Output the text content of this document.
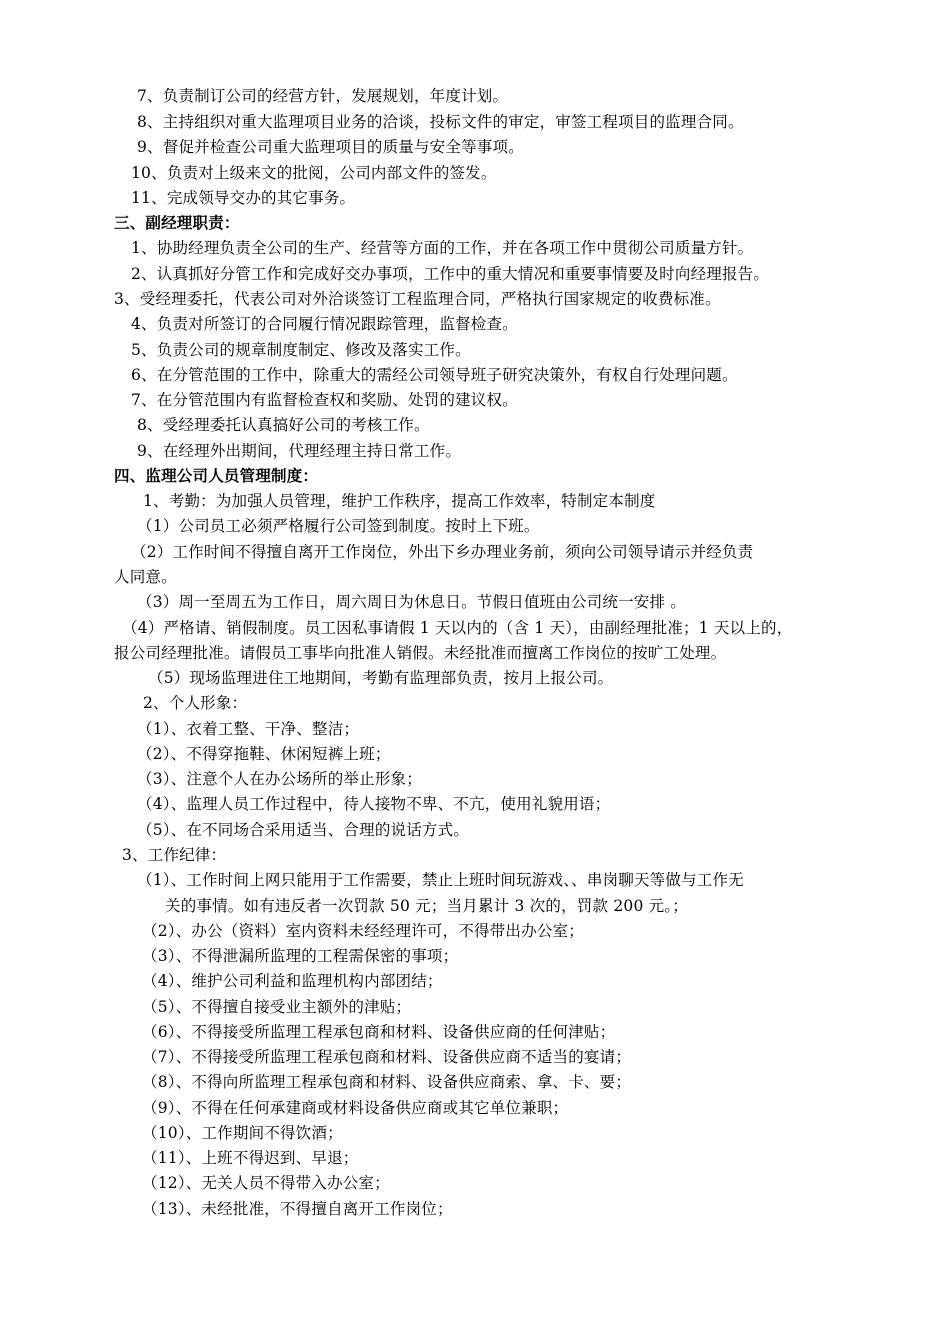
7、负责制订公司的经营方针，发展规划，年度计划。
8、主持组织对重大监理项目业务的洽谈，投标文件的审定，审签工程项目的监理合同。
9、督促并检查公司重大监理项目的质量与安全等事项。
10、负责对上级来文的批阅，公司内部文件的签发。
11、完成领导交办的其它事务。
三、副经理职责：
1、协助经理负责全公司的生产、经营等方面的工作，并在各项工作中贯彻公司质量方针。
2、认真抓好分管工作和完成好交办事项，工作中的重大情况和重要事情要及时向经理报告。
3、受经理委托，代表公司对外洽谈签订工程监理合同，严格执行国家规定的收费标准。
4、负责对所签订的合同履行情况跟踪管理，监督检查。
5、负责公司的规章制度制定、修改及落实工作。
6、在分管范围的工作中，除重大的需经公司领导班子研究决策外，有权自行处理问题。
7、在分管范围内有监督检查权和奖励、处罚的建议权。
8、受经理委托认真搞好公司的考核工作。
9、在经理外出期间，代理经理主持日常工作。
四、监理公司人员管理制度：
1、考勤：为加强人员管理，维护工作秩序，提高工作效率，特制定本制度
（1）公司员工必须严格履行公司签到制度。按时上下班。
（2）工作时间不得擅自离开工作岗位，外出下乡办理业务前，须向公司领导请示并经负责
人同意。
（3）周一至周五为工作日，周六周日为休息日。节假日值班由公司统一安排 。
（4）严格请、销假制度。员工因私事请假 1 天以内的（含 1 天），由副经理批准；1 天以上的，
报公司经理批准。请假员工事毕向批准人销假。未经批准而擅离工作岗位的按旷工处理。
（5）现场监理进住工地期间，考勤有监理部负责，按月上报公司。
2、个人形象：
（1）、衣着工整、干净、整洁；
（2）、不得穿拖鞋、休闲短裤上班；
（3）、注意个人在办公场所的举止形象；
（4）、监理人员工作过程中，待人接物不卑、不亢，使用礼貌用语；
（5）、在不同场合采用适当、合理的说话方式。
3、工作纪律：
（1）、工作时间上网只能用于工作需要，禁止上班时间玩游戏、、串岗聊天等做与工作无
关的事情。如有违反者一次罚款 50 元；当月累计 3 次的，罚款 200 元。；
（2）、办公（资料）室内资料未经经理许可，不得带出办公室；
（3）、不得泄漏所监理的工程需保密的事项；
（4）、维护公司利益和监理机构内部团结；
（5）、不得擅自接受业主额外的津贴；
（6）、不得接受所监理工程承包商和材料、设备供应商的任何津贴；
（7）、不得接受所监理工程承包商和材料、设备供应商不适当的宴请；
（8）、不得向所监理工程承包商和材料、设备供应商索、拿、卡、要；
（9）、不得在任何承建商或材料设备供应商或其它单位兼职；
（10）、工作期间不得饮酒；
（11）、上班不得迟到、早退；
（12）、无关人员不得带入办公室；
（13）、未经批准，不得擅自离开工作岗位；
